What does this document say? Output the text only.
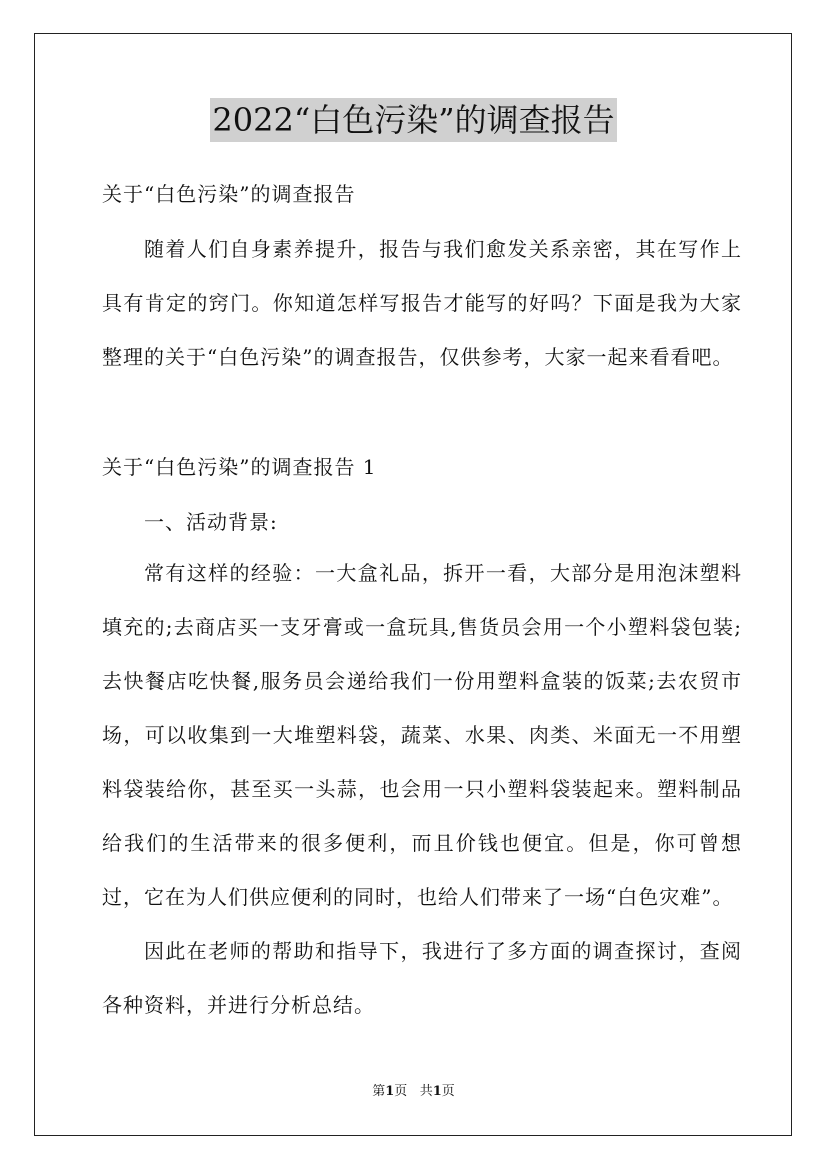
2022“白色污染”的调查报告

关于“白色污染”的调查报告

随着人们自身素养提升，报告与我们愈发关系亲密，其在写作上具有肯定的窍门。你知道怎样写报告才能写的好吗？下面是我为大家整理的关于“白色污染”的调查报告，仅供参考，大家一起来看看吧。

关于“白色污染”的调查报告 1

一、活动背景:

常有这样的经验：一大盒礼品，拆开一看，大部分是用泡沫塑料填充的;去商店买一支牙膏或一盒玩具,售货员会用一个小塑料袋包装;去快餐店吃快餐,服务员会递给我们一份用塑料盒装的饭菜;去农贸市场，可以收集到一大堆塑料袋，蔬菜、水果、肉类、米面无一不用塑料袋装给你，甚至买一头蒜，也会用一只小塑料袋装起来。塑料制品给我们的生活带来的很多便利，而且价钱也便宜。但是，你可曾想过，它在为人们供应便利的同时，也给人们带来了一场“白色灾难”。

因此在老师的帮助和指导下，我进行了多方面的调查探讨，查阅各种资料，并进行分析总结。

第1页   共1页
